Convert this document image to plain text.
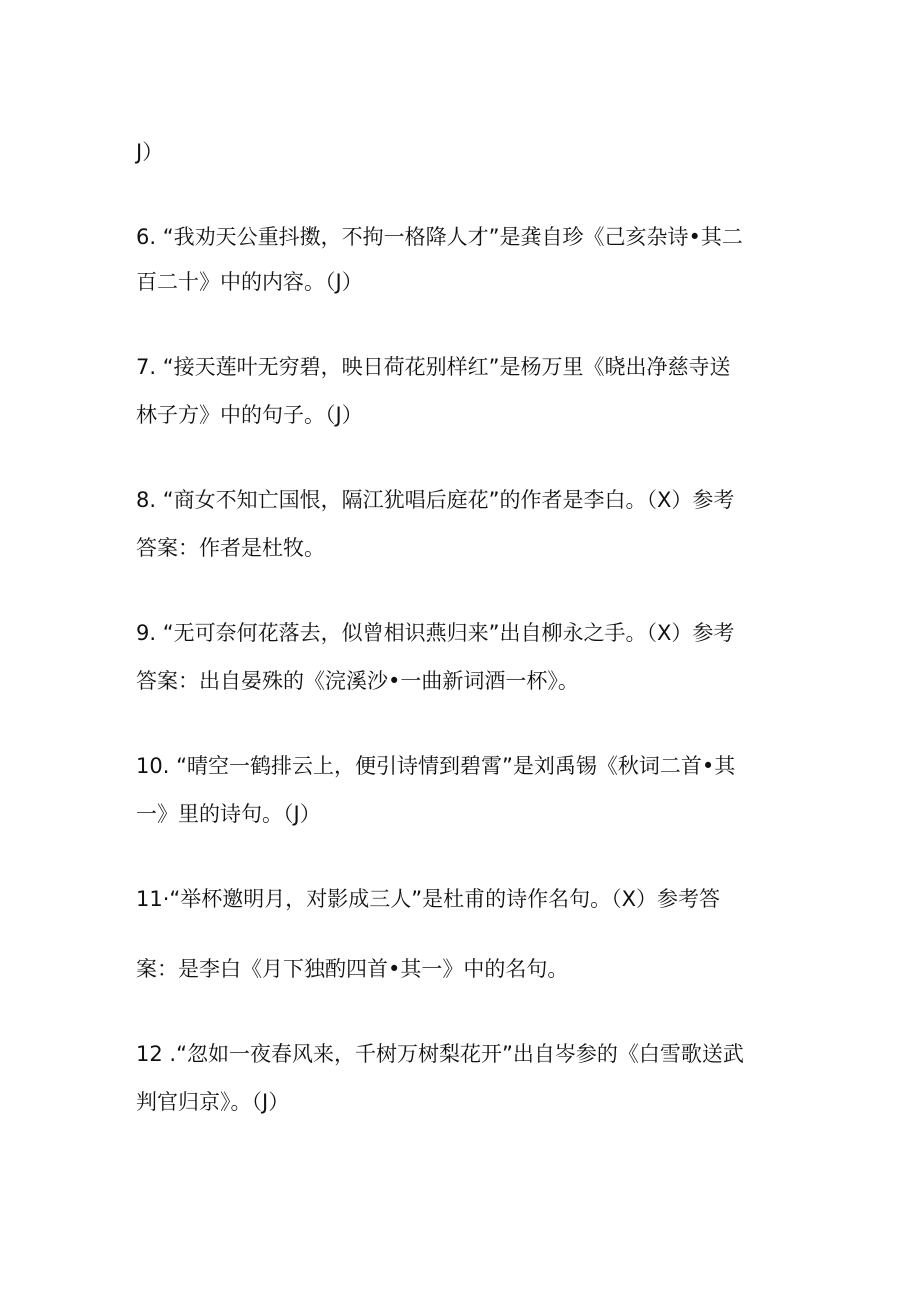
J）
6. “我劝天公重抖擞，不拘一格降人才”是龚自珍《己亥杂诗•其二
百二十》中的内容。（J）
7. “接天莲叶无穷碧，映日荷花别样红”是杨万里《晓出净慈寺送
林子方》中的句子。（J）
8. “商女不知亡国恨，隔江犹唱后庭花”的作者是李白。（X）参考
答案：作者是杜牧。
9. “无可奈何花落去，似曾相识燕归来”出自柳永之手。（X）参考
答案：出自晏殊的《浣溪沙•一曲新词酒一杯》。
10. “晴空一鹤排云上，便引诗情到碧霄”是刘禹锡《秋词二首•其
一》里的诗句。（J）
11·“举杯邀明月，对影成三人”是杜甫的诗作名句。（X）参考答
案：是李白《月下独酌四首•其一》中的名句。
12 .“忽如一夜春风来，千树万树梨花开”出自岑参的《白雪歌送武
判官归京》。（J）
